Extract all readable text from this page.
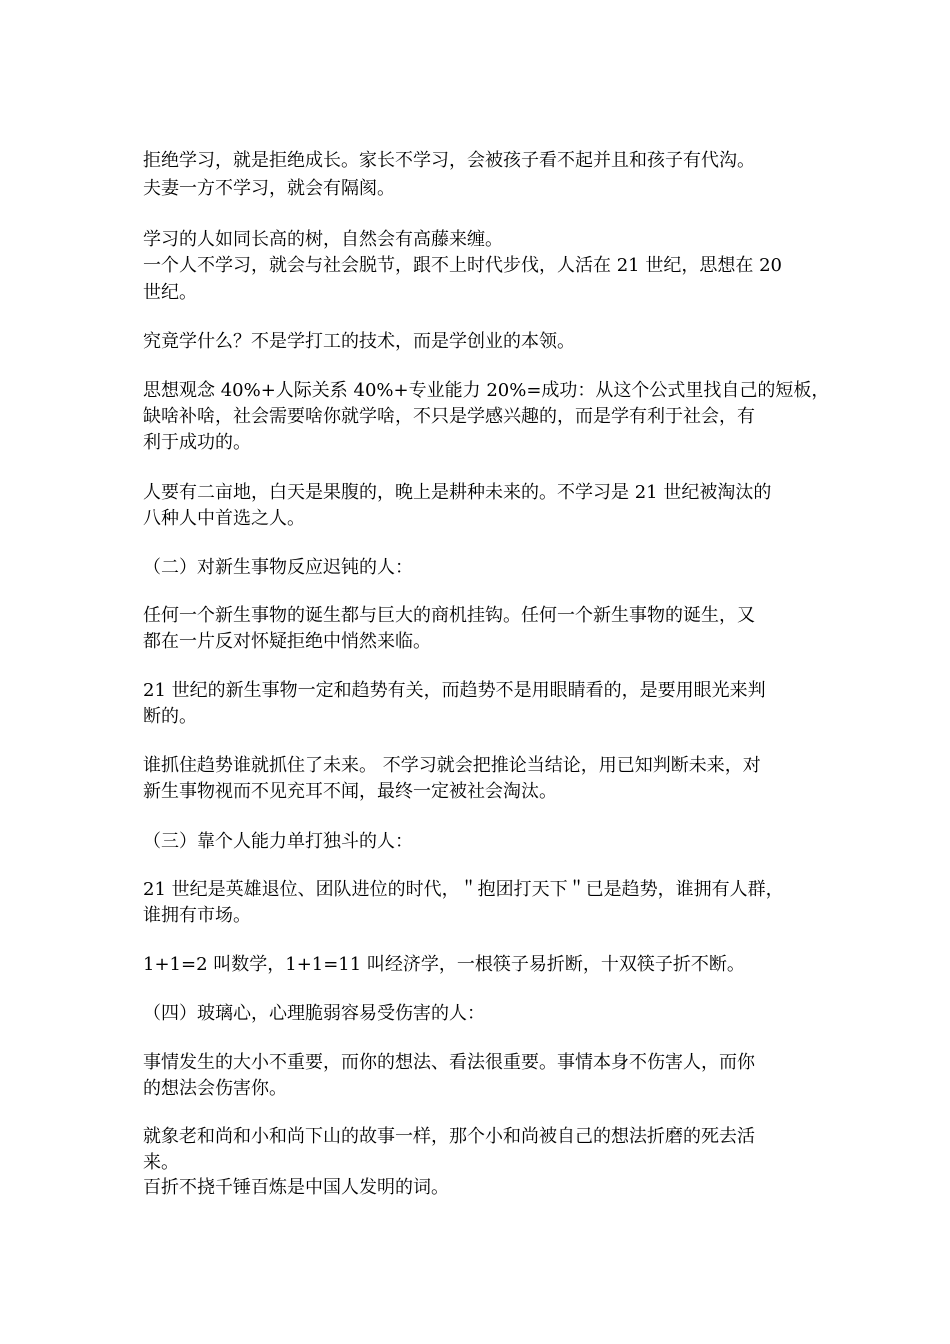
拒绝学习，就是拒绝成长。家长不学习，会被孩子看不起并且和孩子有代沟。

夫妻一方不学习，就会有隔阂。

学习的人如同长高的树，自然会有高藤来缠。

一个人不学习，就会与社会脱节，跟不上时代步伐，人活在 21 世纪，思想在 20

世纪。

究竟学什么？不是学打工的技术，而是学创业的本领。

思想观念 40%+人际关系 40%+专业能力 20%=成功：从这个公式里找自己的短板，

缺啥补啥，社会需要啥你就学啥，不只是学感兴趣的，而是学有利于社会，有

利于成功的。

人要有二亩地，白天是果腹的，晚上是耕种未来的。不学习是 21 世纪被淘汰的

八种人中首选之人。

（二）对新生事物反应迟钝的人：

任何一个新生事物的诞生都与巨大的商机挂钩。任何一个新生事物的诞生，又

都在一片反对怀疑拒绝中悄然来临。

21 世纪的新生事物一定和趋势有关，而趋势不是用眼睛看的，是要用眼光来判

断的。

谁抓住趋势谁就抓住了未来。 不学习就会把推论当结论，用已知判断未来，对

新生事物视而不见充耳不闻，最终一定被社会淘汰。

（三）靠个人能力单打独斗的人：

21 世纪是英雄退位、团队进位的时代，＂抱团打天下＂已是趋势，谁拥有人群，

谁拥有市场。

1+1=2 叫数学，1+1=11 叫经济学，一根筷子易折断，十双筷子折不断。

（四）玻璃心，心理脆弱容易受伤害的人：

事情发生的大小不重要，而你的想法、看法很重要。事情本身不伤害人，而你

的想法会伤害你。

就象老和尚和小和尚下山的故事一样，那个小和尚被自己的想法折磨的死去活

来。

百折不挠千锤百炼是中国人发明的词。
